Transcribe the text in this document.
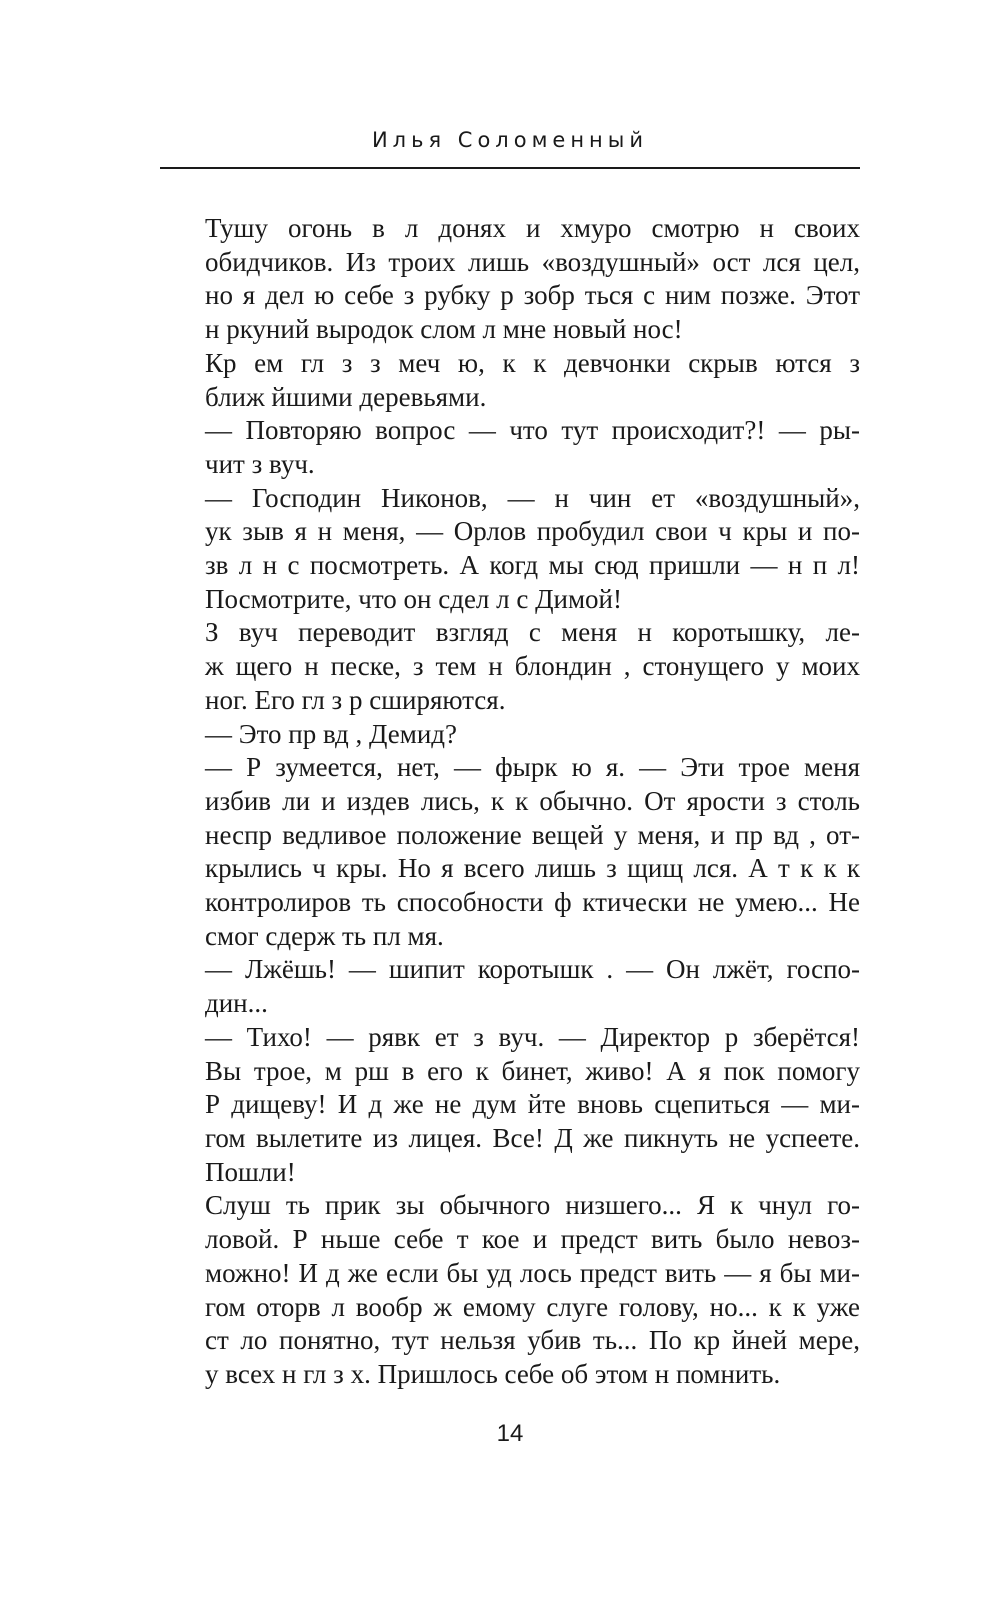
Илья Соломенный

Тушу огонь в л донях и хмуро смотрю н своих
обидчиков. Из троих лишь «воздушный» ост лся цел,
но я дел ю себе з рубку р зобр ться с ним позже. Этот
н ркуний выродок слом л мне новый нос!

Кр ем гл з з меч ю, к к девчонки скрыв ются з
ближ йшими деревьями.

— Повторяю вопрос — что тут происходит?! — ры-
чит з вуч.

— Господин Никонов, — н чин ет «воздушный»,
ук зыв я н меня, — Орлов пробудил свои ч кры и по-
зв л н с посмотреть. А когд мы сюд пришли — н п л!
Посмотрите, что он сдел л с Димой!

З вуч переводит взгляд с меня н коротышку, ле-
ж щего н песке, з тем н блондин , стонущего у моих
ног. Его гл з р сширяются.

— Это пр вд , Демид?

— Р зумеется, нет, — фырк ю я. — Эти трое меня
избив ли и издев лись, к к обычно. От ярости з столь
неспр ведливое положение вещей у меня, и пр вд , от-
крылись ч кры. Но я всего лишь з щищ лся. А т к к к
контролиров ть способности ф ктически не умею... Не
смог сдерж ть пл мя.

— Лжёшь! — шипит коротышк . — Он лжёт, госпо-
дин...

— Тихо! — рявк ет з вуч. — Директор р зберётся!
Вы трое, м рш в его к бинет, живо! А я пок помогу
Р дищеву! И д же не дум йте вновь сцепиться — ми-
гом вылетите из лицея. Все! Д же пикнуть не успеете.
Пошли!

Слуш ть прик зы обычного низшего... Я к чнул го-
ловой. Р ньше себе т кое и предст вить было невоз-
можно! И д же если бы уд лось предст вить — я бы ми-
гом оторв л вообр ж емому слуге голову, но... к к уже
ст ло понятно, тут нельзя убив ть... По кр йней мере,
у всех н гл з х. Пришлось себе об этом н помнить.

14
